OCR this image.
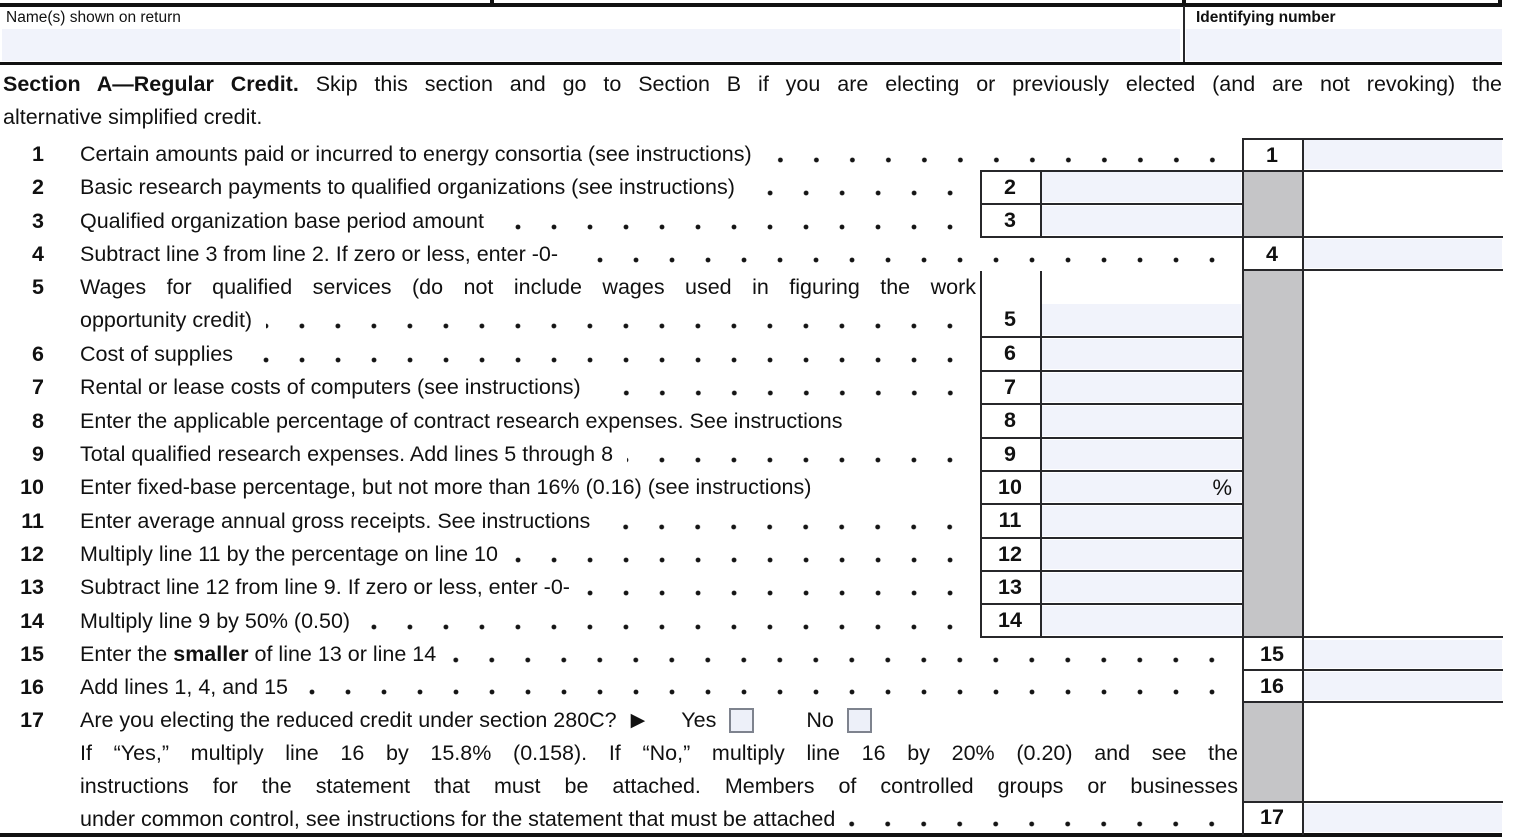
Name(s) shown on return	Identifying number
Section A—Regular Credit. Skip this section and go to Section B if you are electing or previously elected (and are not revoking) the
alternative simplified credit.
%
1
2
3
4
5
6
7
8
9
10
11
12
13
14
15
16
17
1 Certain amounts paid or incurred to energy consortia (see instructions)
2 Basic research payments to qualified organizations (see instructions)
3 Qualified organization base period amount
4 Subtract line 3 from line 2. If zero or less, enter -0-
5 Wages for qualified services (do not include wages used in figuring the work
opportunity credit)
6 Cost of supplies
7 Rental or lease costs of computers (see instructions)
8 Enter the applicable percentage of contract research expenses. See instructions
9 Total qualified research expenses. Add lines 5 through 8
10 Enter fixed-base percentage, but not more than 16% (0.16) (see instructions)
11 Enter average annual gross receipts. See instructions
12 Multiply line 11 by the percentage on line 10
13 Subtract line 12 from line 9. If zero or less, enter -0-
14 Multiply line 9 by 50% (0.50)
15 Enter the smaller of line 13 or line 14
16 Add lines 1, 4, and 15
17 Are you electing the reduced credit under section 280C? ▶ Yes	No
If “Yes,” multiply line 16 by 15.8% (0.158). If “No,” multiply line 16 by 20% (0.20) and see the
instructions for the statement that must be attached. Members of controlled groups or businesses
under common control, see instructions for the statement that must be attached
